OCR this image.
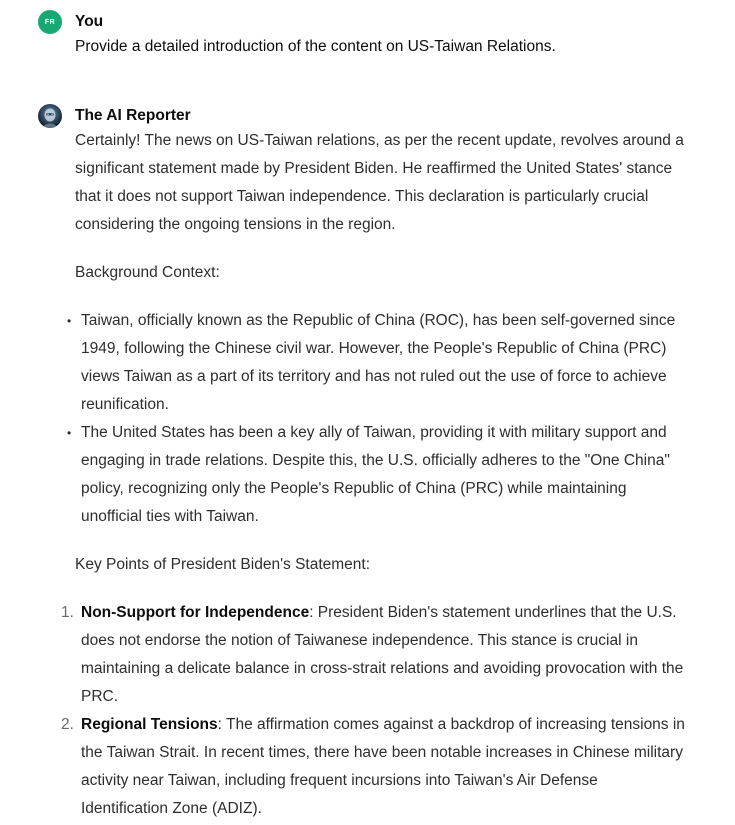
FR You

Provide a detailed introduction of the content on US-Taiwan Relations.

The AI Reporter

Certainly! The news on US-Taiwan relations, as per the recent update, revolves around a significant statement made by President Biden. He reaffirmed the United States' stance that it does not support Taiwan independence. This declaration is particularly crucial considering the ongoing tensions in the region.

Background Context:

• Taiwan, officially known as the Republic of China (ROC), has been self-governed since 1949, following the Chinese civil war. However, the People's Republic of China (PRC) views Taiwan as a part of its territory and has not ruled out the use of force to achieve reunification.
• The United States has been a key ally of Taiwan, providing it with military support and engaging in trade relations. Despite this, the U.S. officially adheres to the "One China" policy, recognizing only the People's Republic of China (PRC) while maintaining unofficial ties with Taiwan.

Key Points of President Biden's Statement:

1. Non-Support for Independence: President Biden's statement underlines that the U.S. does not endorse the notion of Taiwanese independence. This stance is crucial in maintaining a delicate balance in cross-strait relations and avoiding provocation with the PRC.
2. Regional Tensions: The affirmation comes against a backdrop of increasing tensions in the Taiwan Strait. In recent times, there have been notable increases in Chinese military activity near Taiwan, including frequent incursions into Taiwan's Air Defense Identification Zone (ADIZ).
